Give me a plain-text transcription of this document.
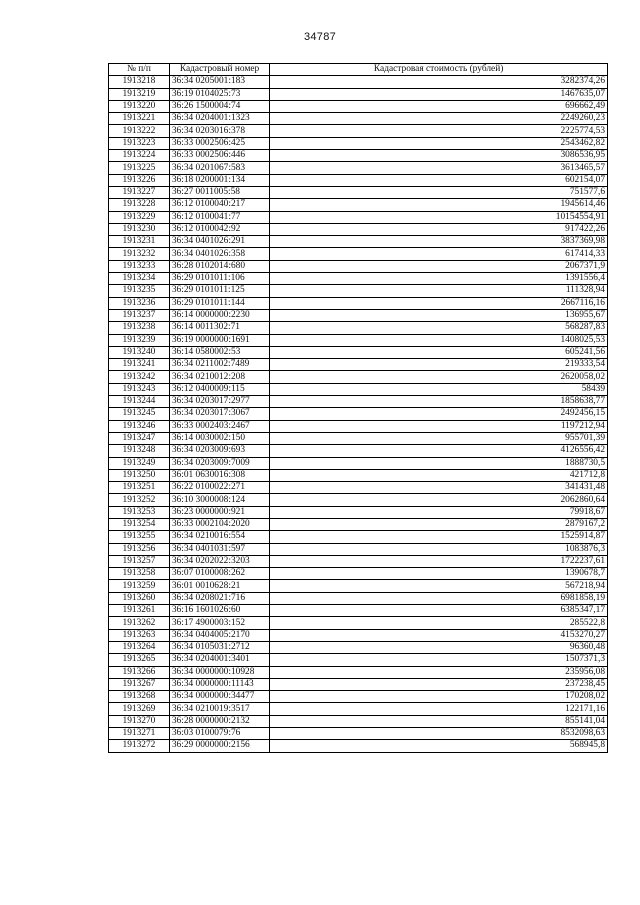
34787
№ п/п	Кадастровый номер	Кадастровая стоимость (рублей)
1913218	36:34 0205001:183	3282374,26
1913219	36:19 0104025:73	1467635,07
1913220	36:26 1500004:74	696662,49
1913221	36:34 0204001:1323	2249260,23
1913222	36:34 0203016:378	2225774,53
1913223	36:33 0002506:425	2543462,82
1913224	36:33 0002506:446	3086536,95
1913225	36:34 0201067:583	3613465,57
1913226	36:18 0200001:134	602154,07
1913227	36:27 0011005:58	751577,6
1913228	36:12 0100040:217	1945614,46
1913229	36:12 0100041:77	10154554,91
1913230	36:12 0100042:92	917422,26
1913231	36:34 0401026:291	3837369,98
1913232	36:34 0401026:358	617414,33
1913233	36:28 0102014:680	2067371,9
1913234	36:29 0101011:106	1391556,4
1913235	36:29 0101011:125	111328,94
1913236	36:29 0101011:144	2667116,16
1913237	36:14 0000000:2230	136955,67
1913238	36:14 0011302:71	568287,83
1913239	36:19 0000000:1691	1408025,53
1913240	36:14 0580002:53	605241,56
1913241	36:34 0211002:7489	219333,54
1913242	36:34 0210012:208	2620058,02
1913243	36:12 0400009:115	58439
1913244	36:34 0203017:2977	1858638,77
1913245	36:34 0203017:3067	2492456,15
1913246	36:33 0002403:2467	1197212,94
1913247	36:14 0030002:150	955701,39
1913248	36:34 0203009:693	4126556,42
1913249	36:34 0203009:7009	1888730,5
1913250	36:01 0630016:308	421712,8
1913251	36:22 0100022:271	341431,48
1913252	36:10 3000008:124	2062860,64
1913253	36:23 0000000:921	79918,67
1913254	36:33 0002104:2020	2879167,2
1913255	36:34 0210016:554	1525914,87
1913256	36:34 0401031:597	1083876,3
1913257	36:34 0202022:3203	1722237,61
1913258	36:07 0100008:262	1390678,7
1913259	36:01 0010628:21	567218,94
1913260	36:34 0208021:716	6981858,19
1913261	36:16 1601026:60	6385347,17
1913262	36:17 4900003:152	285522,8
1913263	36:34 0404005:2170	4153270,27
1913264	36:34 0105031:2712	96360,48
1913265	36:34 0204001:3401	1507371,3
1913266	36:34 0000000:10928	235956,08
1913267	36:34 0000000:11143	237238,45
1913268	36:34 0000000:34477	170208,02
1913269	36:34 0210019:3517	122171,16
1913270	36:28 0000000:2132	855141,04
1913271	36:03 0100079:76	8532098,63
1913272	36:29 0000000:2156	568945,8
